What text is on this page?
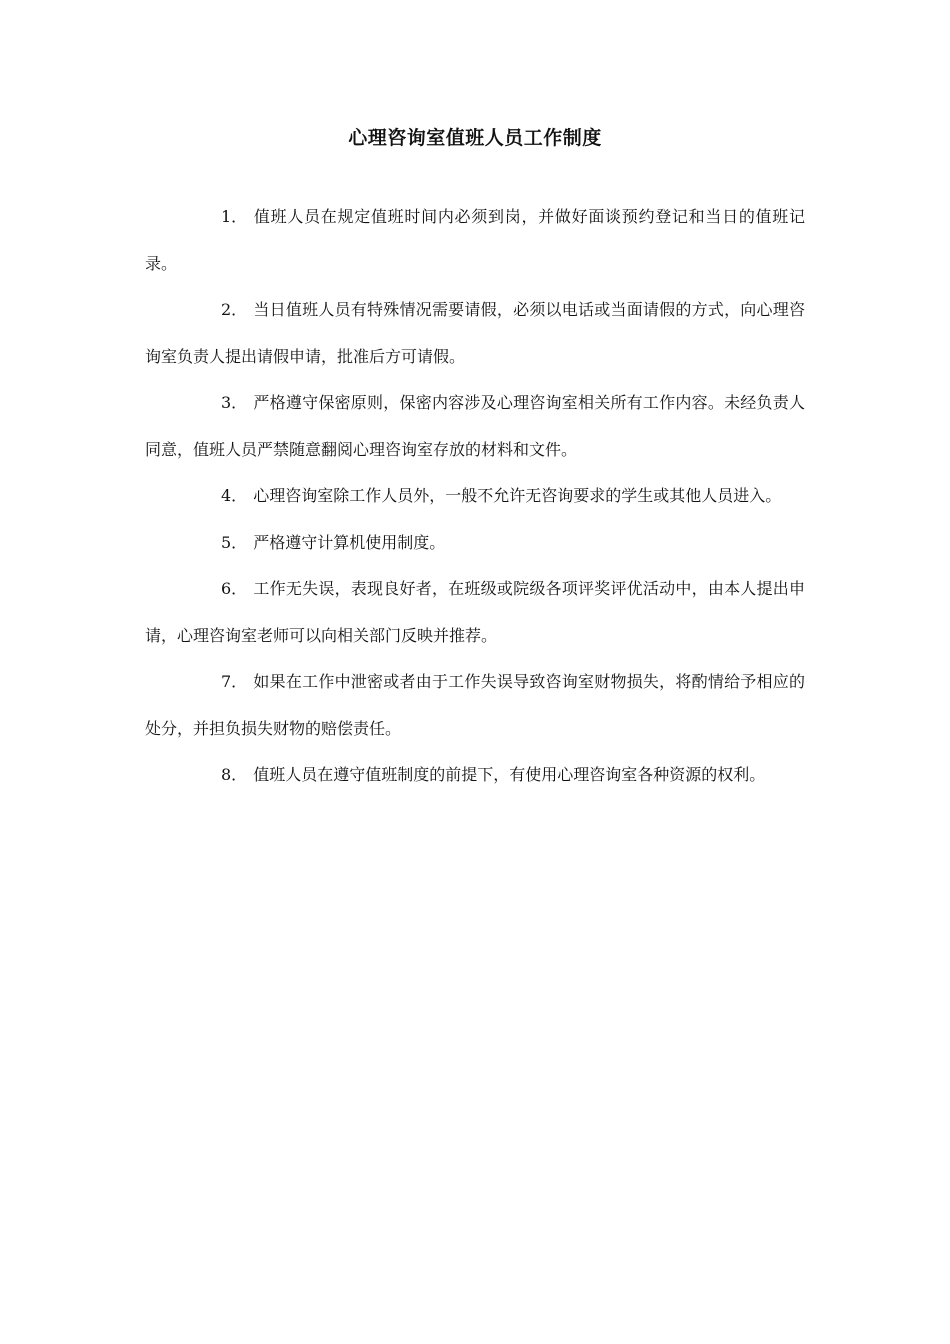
心理咨询室值班人员工作制度
1． 值班人员在规定值班时间内必须到岗，并做好面谈预约登记和当日的值班记录。
2． 当日值班人员有特殊情况需要请假，必须以电话或当面请假的方式，向心理咨询室负责人提出请假申请，批准后方可请假。
3． 严格遵守保密原则，保密内容涉及心理咨询室相关所有工作内容。未经负责人同意，值班人员严禁随意翻阅心理咨询室存放的材料和文件。
4． 心理咨询室除工作人员外，一般不允许无咨询要求的学生或其他人员进入。
5． 严格遵守计算机使用制度。
6． 工作无失误，表现良好者，在班级或院级各项评奖评优活动中，由本人提出申请，心理咨询室老师可以向相关部门反映并推荐。
7． 如果在工作中泄密或者由于工作失误导致咨询室财物损失，将酌情给予相应的处分，并担负损失财物的赔偿责任。
8． 值班人员在遵守值班制度的前提下，有使用心理咨询室各种资源的权利。
